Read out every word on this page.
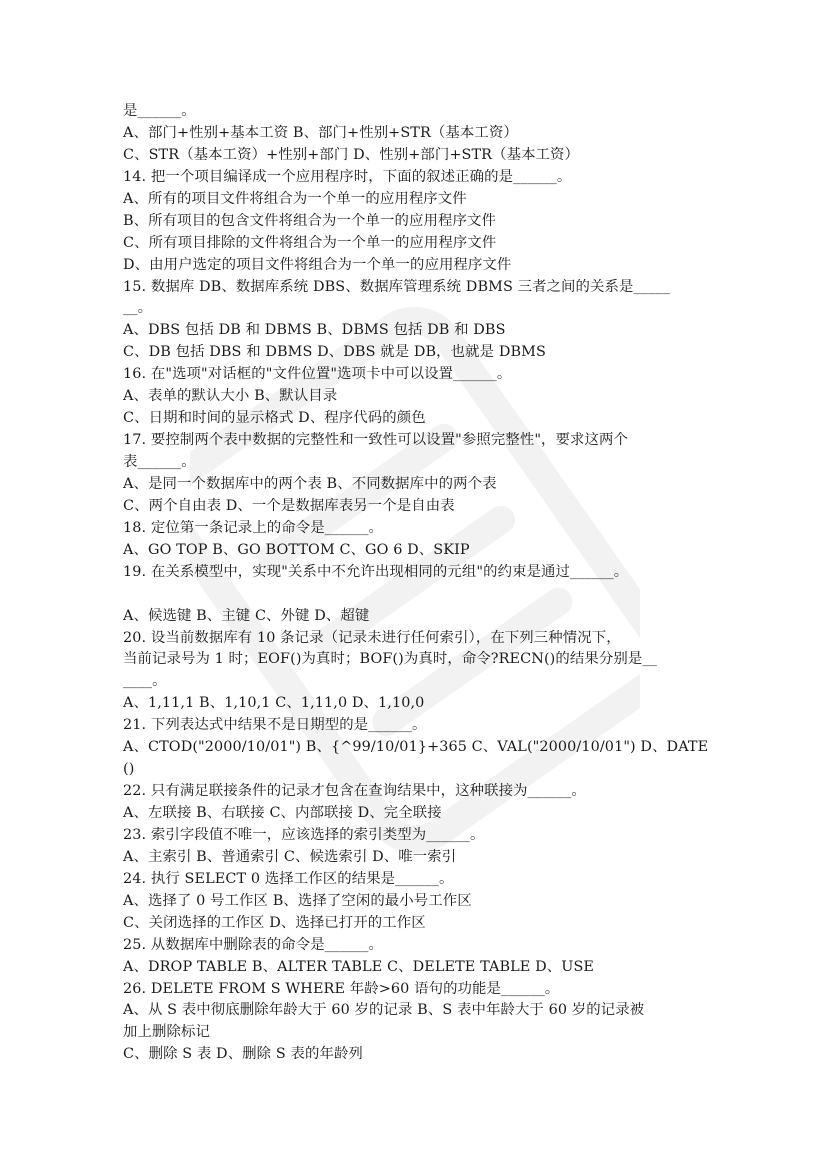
是______。
A、部门+性别+基本工资 B、部门+性别+STR（基本工资）
C、STR（基本工资）+性别+部门 D、性别+部门+STR（基本工资）
14. 把一个项目编译成一个应用程序时，下面的叙述正确的是______。
A、所有的项目文件将组合为一个单一的应用程序文件
B、所有项目的包含文件将组合为一个单一的应用程序文件
C、所有项目排除的文件将组合为一个单一的应用程序文件
D、由用户选定的项目文件将组合为一个单一的应用程序文件
15. 数据库 DB、数据库系统 DBS、数据库管理系统 DBMS 三者之间的关系是_____
__。
A、DBS 包括 DB 和 DBMS B、DBMS 包括 DB 和 DBS
C、DB 包括 DBS 和 DBMS D、DBS 就是 DB，也就是 DBMS
16. 在"选项"对话框的"文件位置"选项卡中可以设置______。
A、表单的默认大小 B、默认目录
C、日期和时间的显示格式 D、程序代码的颜色
17. 要控制两个表中数据的完整性和一致性可以设置"参照完整性"，要求这两个
表______。
A、是同一个数据库中的两个表 B、不同数据库中的两个表
C、两个自由表 D、一个是数据库表另一个是自由表
18. 定位第一条记录上的命令是______。
A、GO TOP B、GO BOTTOM C、GO 6 D、SKIP
19. 在关系模型中，实现"关系中不允许出现相同的元组"的约束是通过______。
A、候选键 B、主键 C、外键 D、超键
20. 设当前数据库有 10 条记录（记录未进行任何索引），在下列三种情况下，
当前记录号为 1 时；EOF()为真时；BOF()为真时，命令?RECN()的结果分别是__
____。
A、1,11,1 B、1,10,1 C、1,11,0 D、1,10,0
21. 下列表达式中结果不是日期型的是______。
A、CTOD("2000/10/01") B、{^99/10/01}+365 C、VAL("2000/10/01") D、DATE
()
22. 只有满足联接条件的记录才包含在查询结果中，这种联接为______。
A、左联接 B、右联接 C、内部联接 D、完全联接
23. 索引字段值不唯一，应该选择的索引类型为______。
A、主索引 B、普通索引 C、候选索引 D、唯一索引
24. 执行 SELECT 0 选择工作区的结果是______。
A、选择了 0 号工作区 B、选择了空闲的最小号工作区
C、关闭选择的工作区 D、选择已打开的工作区
25. 从数据库中删除表的命令是______。
A、DROP TABLE B、ALTER TABLE C、DELETE TABLE D、USE
26. DELETE FROM S WHERE 年龄>60 语句的功能是______。
A、从 S 表中彻底删除年龄大于 60 岁的记录 B、S 表中年龄大于 60 岁的记录被
加上删除标记
C、删除 S 表 D、删除 S 表的年龄列
